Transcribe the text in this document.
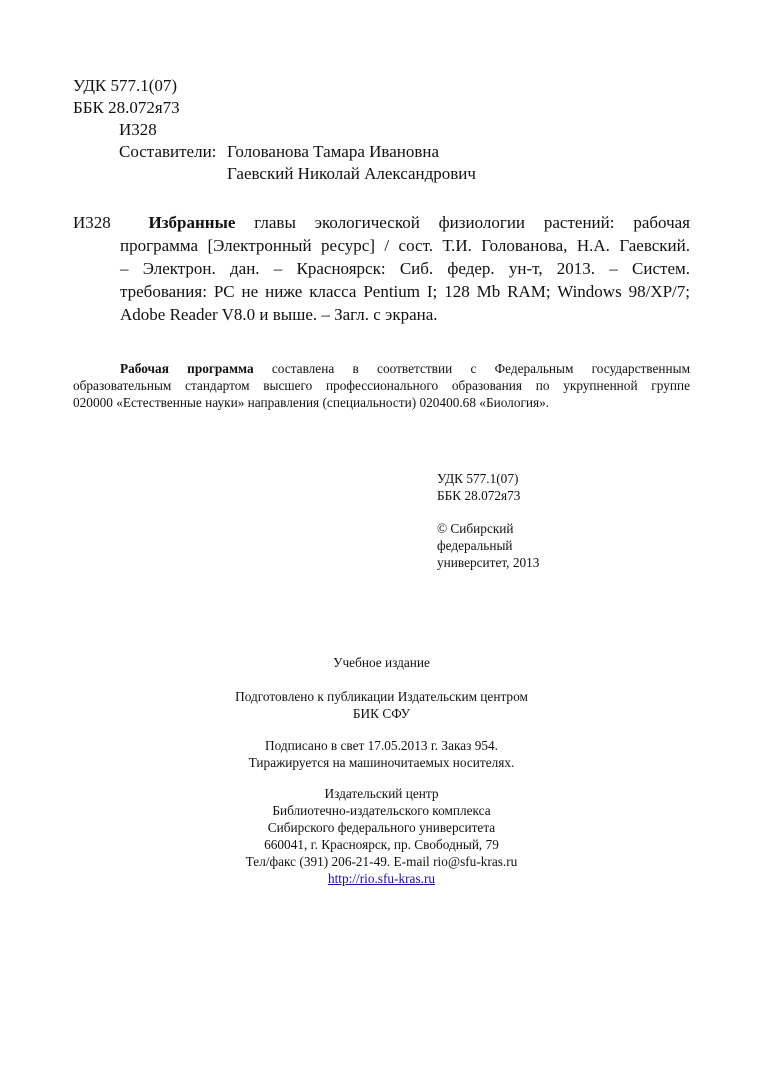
УДК 577.1(07)
ББК 28.072я73
И328
Составители: Голованова Тамара Ивановна
Гаевский Николай Александрович
И328 Избранные главы экологической физиологии растений: рабочая
программа [Электронный ресурс] / сост. Т.И. Голованова, Н.А. Гаевский.
– Электрон. дан. – Красноярск: Сиб. федер. ун-т, 2013. – Систем.
требования: PC не ниже класса Pentium I; 128 Mb RAM; Windows 98/XP/7;
Adobe Reader V8.0 и выше. – Загл. с экрана.
Рабочая программа составлена в соответствии с Федеральным государственным
образовательным стандартом высшего профессионального образования по укрупненной группе
020000 «Естественные науки» направления (специальности) 020400.68 «Биология».
УДК 577.1(07)
ББК 28.072я73
© Сибирский
федеральный
университет, 2013
Учебное издание
Подготовлено к публикации Издательским центром
БИК СФУ
Подписано в свет 17.05.2013 г. Заказ 954.
Тиражируется на машиночитаемых носителях.
Издательский центр
Библиотечно-издательского комплекса
Сибирского федерального университета
660041, г. Красноярск, пр. Свободный, 79
Тел/факс (391) 206-21-49. E-mail rio@sfu-kras.ru
http://rio.sfu-kras.ru
